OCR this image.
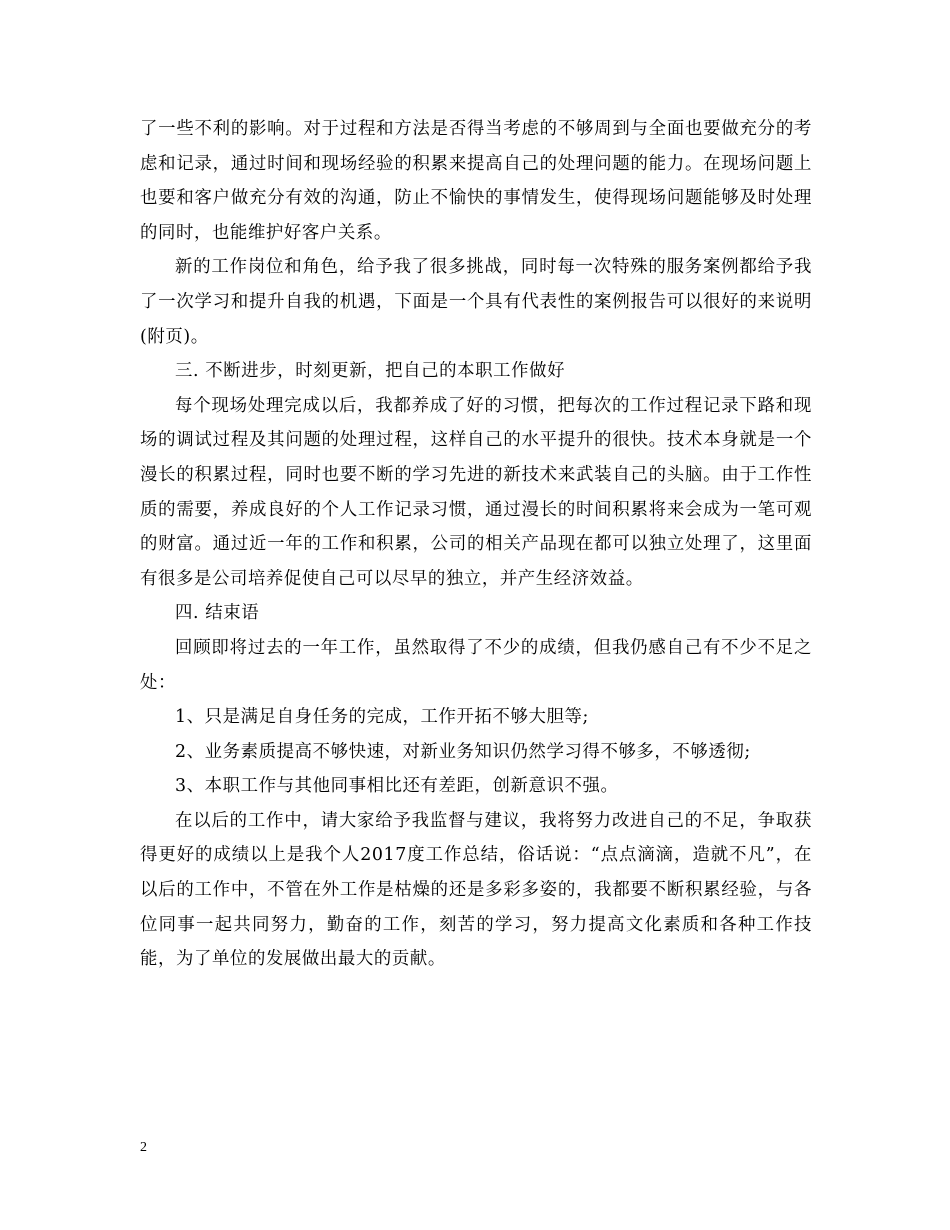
了一些不利的影响。对于过程和方法是否得当考虑的不够周到与全面也要做充分的考虑和记录，通过时间和现场经验的积累来提高自己的处理问题的能力。在现场问题上也要和客户做充分有效的沟通，防止不愉快的事情发生，使得现场问题能够及时处理的同时，也能维护好客户关系。

新的工作岗位和角色，给予我了很多挑战，同时每一次特殊的服务案例都给予我了一次学习和提升自我的机遇，下面是一个具有代表性的案例报告可以很好的来说明(附页)。

三. 不断进步，时刻更新，把自己的本职工作做好

每个现场处理完成以后，我都养成了好的习惯，把每次的工作过程记录下路和现场的调试过程及其问题的处理过程，这样自己的水平提升的很快。技术本身就是一个漫长的积累过程，同时也要不断的学习先进的新技术来武装自己的头脑。由于工作性质的需要，养成良好的个人工作记录习惯，通过漫长的时间积累将来会成为一笔可观的财富。通过近一年的工作和积累，公司的相关产品现在都可以独立处理了，这里面有很多是公司培养促使自己可以尽早的独立，并产生经济效益。

四. 结束语

回顾即将过去的一年工作，虽然取得了不少的成绩，但我仍感自己有不少不足之处：

1、只是满足自身任务的完成，工作开拓不够大胆等;

2、业务素质提高不够快速，对新业务知识仍然学习得不够多，不够透彻;

3、本职工作与其他同事相比还有差距，创新意识不强。

在以后的工作中，请大家给予我监督与建议，我将努力改进自己的不足，争取获得更好的成绩以上是我个人2017度工作总结，俗话说：“点点滴滴，造就不凡”，在以后的工作中，不管在外工作是枯燥的还是多彩多姿的，我都要不断积累经验，与各位同事一起共同努力，勤奋的工作，刻苦的学习，努力提高文化素质和各种工作技能，为了单位的发展做出最大的贡献。

2
